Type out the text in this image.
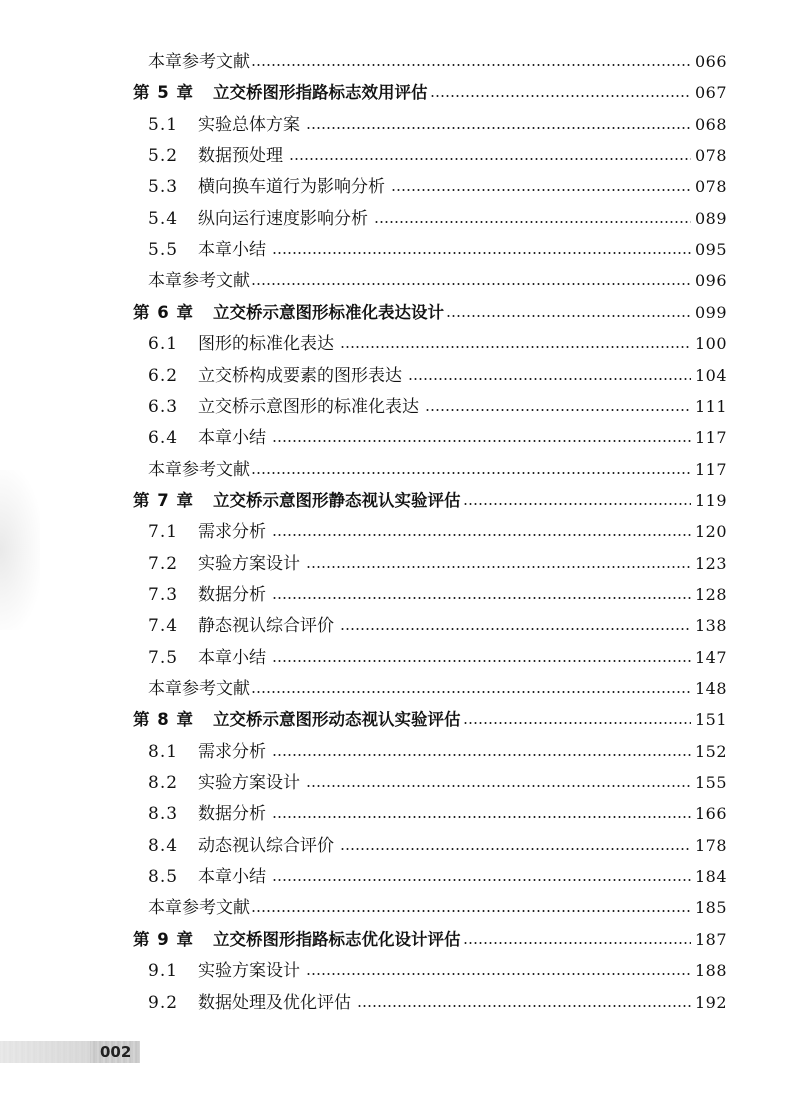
本章参考文献	066
第 5 章	立交桥图形指路标志效用评估	067
5.1	实验总体方案	068
5.2	数据预处理	078
5.3	横向换车道行为影响分析	078
5.4	纵向运行速度影响分析	089
5.5	本章小结	095
本章参考文献	096
第 6 章	立交桥示意图形标准化表达设计	099
6.1	图形的标准化表达	100
6.2	立交桥构成要素的图形表达	104
6.3	立交桥示意图形的标准化表达	111
6.4	本章小结	117
本章参考文献	117
第 7 章	立交桥示意图形静态视认实验评估	119
7.1	需求分析	120
7.2	实验方案设计	123
7.3	数据分析	128
7.4	静态视认综合评价	138
7.5	本章小结	147
本章参考文献	148
第 8 章	立交桥示意图形动态视认实验评估	151
8.1	需求分析	152
8.2	实验方案设计	155
8.3	数据分析	166
8.4	动态视认综合评价	178
8.5	本章小结	184
本章参考文献	185
第 9 章	立交桥图形指路标志优化设计评估	187
9.1	实验方案设计	188
9.2	数据处理及优化评估	192
002
